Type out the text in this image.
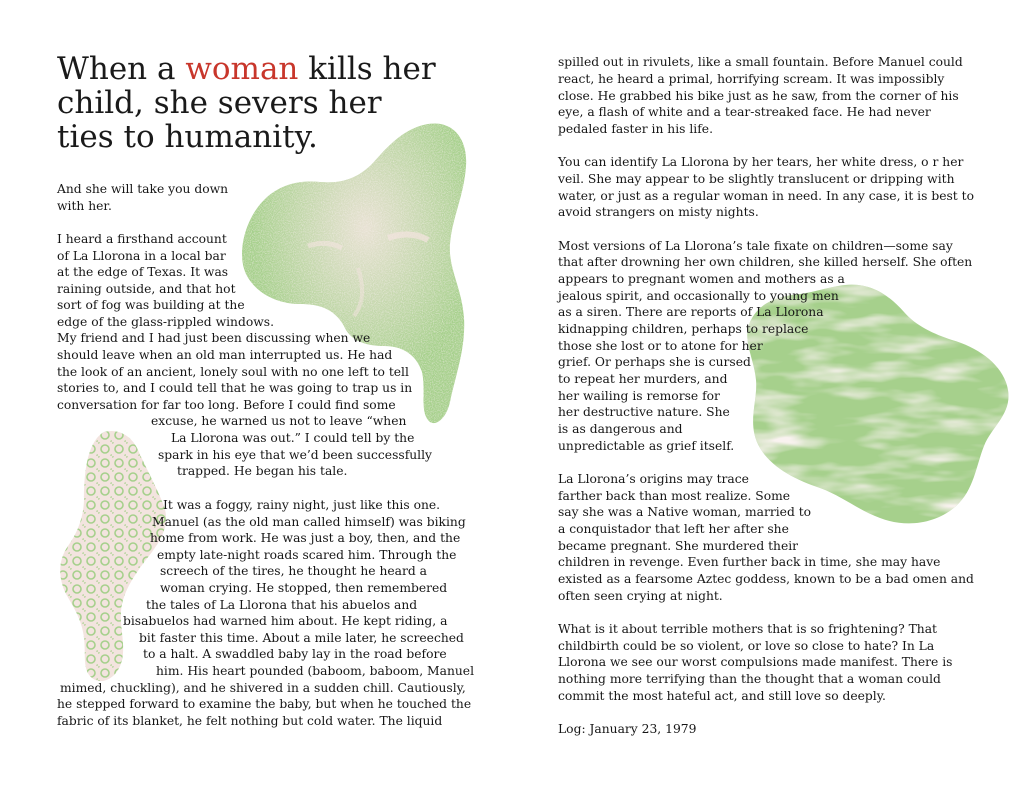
When a woman kills her
child, she severs her
ties to humanity.
And she will take you down
with her.
I heard a firsthand account
of La Llorona in a local bar
at the edge of Texas. It was
raining outside, and that hot
sort of fog was building at the
edge of the glass-rippled windows.
My friend and I had just been discussing when we
should leave when an old man interrupted us. He had
the look of an ancient, lonely soul with no one left to tell
stories to, and I could tell that he was going to trap us in
conversation for far too long. Before I could find some
excuse, he warned us not to leave “when
La Llorona was out.” I could tell by the
spark in his eye that we’d been successfully
trapped. He began his tale.
It was a foggy, rainy night, just like this one.
Manuel (as the old man called himself) was biking
home from work. He was just a boy, then, and the
empty late-night roads scared him. Through the
screech of the tires, he thought he heard a
woman crying. He stopped, then remembered
the tales of La Llorona that his abuelos and
bisabuelos had warned him about. He kept riding, a
bit faster this time. About a mile later, he screeched
to a halt. A swaddled baby lay in the road before
him. His heart pounded (baboom, baboom, Manuel
mimed, chuckling), and he shivered in a sudden chill. Cautiously,
he stepped forward to examine the baby, but when he touched the
fabric of its blanket, he felt nothing but cold water. The liquid
spilled out in rivulets, like a small fountain. Before Manuel could
react, he heard a primal, horrifying scream. It was impossibly
close. He grabbed his bike just as he saw, from the corner of his
eye, a flash of white and a tear-streaked face. He had never
pedaled faster in his life.
You can identify La Llorona by her tears, her white dress, o r her
veil. She may appear to be slightly translucent or dripping with
water, or just as a regular woman in need. In any case, it is best to
avoid strangers on misty nights.
Most versions of La Llorona’s tale fixate on children—some say
that after drowning her own children, she killed herself. She often
appears to pregnant women and mothers as a
jealous spirit, and occasionally to young men
as a siren. There are reports of La Llorona
kidnapping children, perhaps to replace
those she lost or to atone for her
grief. Or perhaps she is cursed
to repeat her murders, and
her wailing is remorse for
her destructive nature. She
is as dangerous and
unpredictable as grief itself.
La Llorona’s origins may trace
farther back than most realize. Some
say she was a Native woman, married to
a conquistador that left her after she
became pregnant. She murdered their
children in revenge. Even further back in time, she may have
existed as a fearsome Aztec goddess, known to be a bad omen and
often seen crying at night.
What is it about terrible mothers that is so frightening? That
childbirth could be so violent, or love so close to hate? In La
Llorona we see our worst compulsions made manifest. There is
nothing more terrifying than the thought that a woman could
commit the most hateful act, and still love so deeply.
Log: January 23, 1979
